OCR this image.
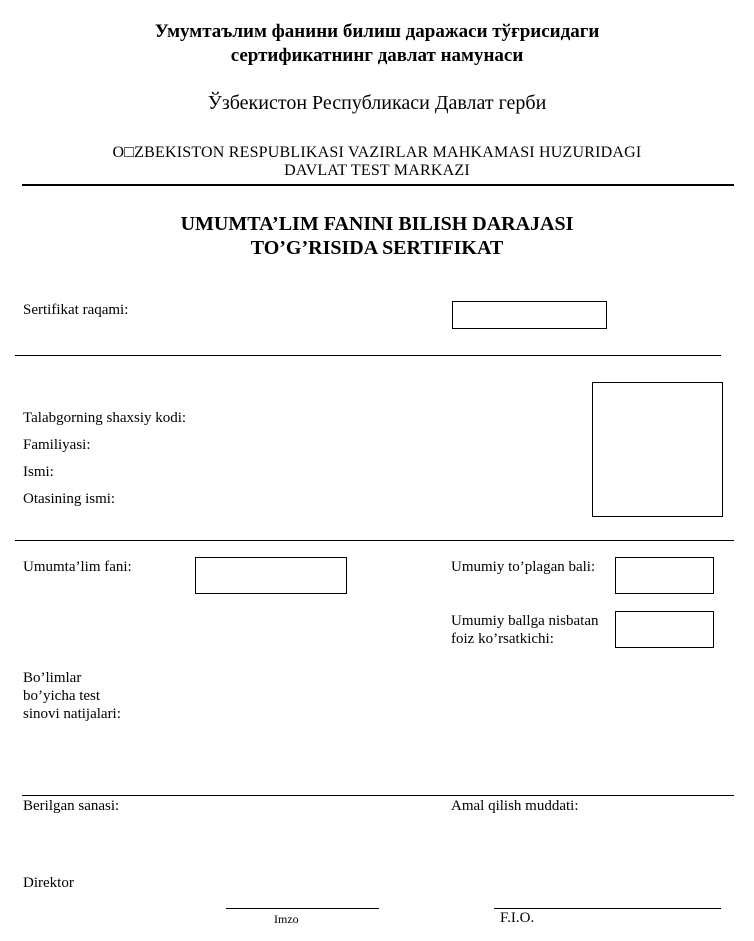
Умумтаълим фанини билиш даражаси тўғрисидаги
сертификатнинг давлат намунаси
Ўзбекистон Республикаси Давлат герби
O□ZBEKISTON RESPUBLIKASI VAZIRLAR MAHKAMASI HUZURIDAGI
DAVLAT TEST MARKAZI
UMUMTA’LIM FANINI BILISH DARAJASI
TO’G’RISIDA SERTIFIKAT
Sertifikat raqami:
Talabgorning shaxsiy kodi:
Familiyasi:
Ismi:
Otasining ismi:
Umumta’lim fani:	Umumiy to’plagan bali:
Umumiy ballga nisbatan
foiz ko’rsatkichi:
Bo’limlar
bo’yicha test
sinovi natijalari:
Berilgan sanasi:	Amal qilish muddati:
Direktor
Imzo	F.I.O.
